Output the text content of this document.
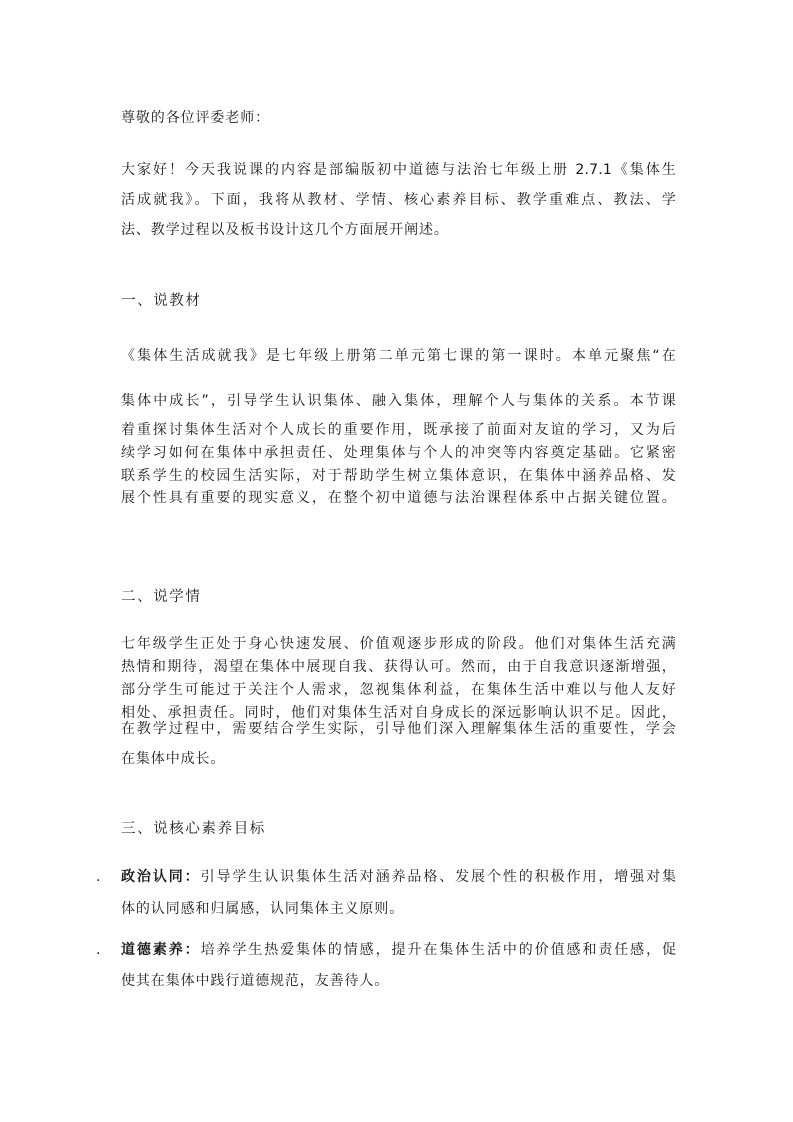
尊敬的各位评委老师：
大家好！今天我说课的内容是部编版初中道德与法治七年级上册 2.7.1《集体生
活成就我》。下面，我将从教材、学情、核心素养目标、教学重难点、教法、学
法、教学过程以及板书设计这几个方面展开阐述。
一、说教材
《集体生活成就我》是七年级上册第二单元第七课的第一课时。本单元聚焦“在
集体中成长”，引导学生认识集体、融入集体，理解个人与集体的关系。本节课
着重探讨集体生活对个人成长的重要作用，既承接了前面对友谊的学习，又为后
续学习如何在集体中承担责任、处理集体与个人的冲突等内容奠定基础。它紧密
联系学生的校园生活实际，对于帮助学生树立集体意识，在集体中涵养品格、发
展个性具有重要的现实意义，在整个初中道德与法治课程体系中占据关键位置。
二、说学情
七年级学生正处于身心快速发展、价值观逐步形成的阶段。他们对集体生活充满
热情和期待，渴望在集体中展现自我、获得认可。然而，由于自我意识逐渐增强，
部分学生可能过于关注个人需求，忽视集体利益，在集体生活中难以与他人友好
相处、承担责任。同时，他们对集体生活对自身成长的深远影响认识不足。因此，
在教学过程中，需要结合学生实际，引导他们深入理解集体生活的重要性，学会
在集体中成长。
三、说核心素养目标
. 政治认同：引导学生认识集体生活对涵养品格、发展个性的积极作用，增强对集
体的认同感和归属感，认同集体主义原则。
. 道德素养：培养学生热爱集体的情感，提升在集体生活中的价值感和责任感，促
使其在集体中践行道德规范，友善待人。
